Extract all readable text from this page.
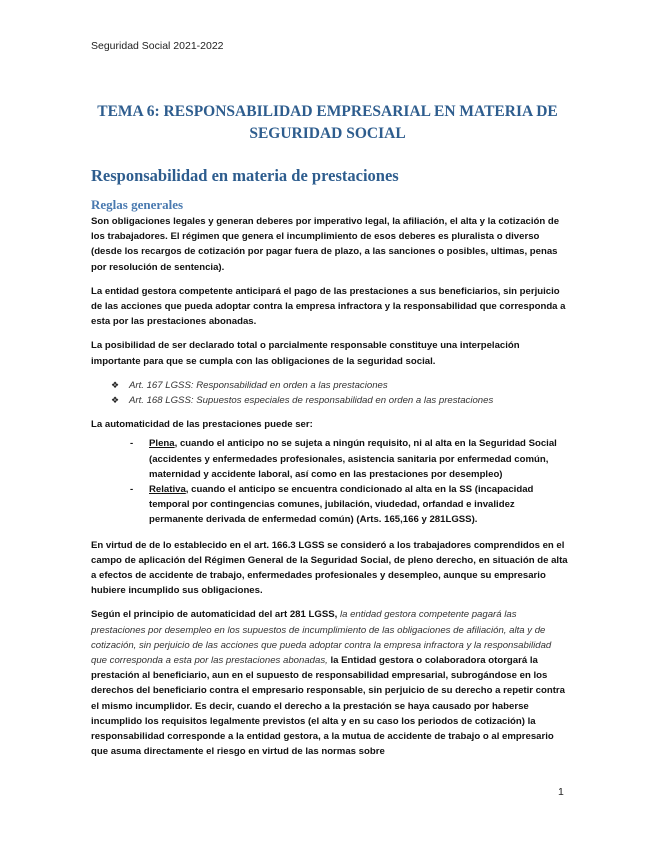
Seguridad Social 2021-2022
TEMA 6: RESPONSABILIDAD EMPRESARIAL EN MATERIA DE
SEGURIDAD SOCIAL
Responsabilidad en materia de prestaciones
Reglas generales

Son obligaciones legales y generan deberes por imperativo legal, la afiliación, el alta y la cotización de los trabajadores. El régimen que genera el incumplimiento de esos deberes es pluralista o diverso (desde los recargos de cotización por pagar fuera de plazo, a las sanciones o posibles, ultimas, penas por resolución de sentencia).

La entidad gestora competente anticipará el pago de las prestaciones a sus beneficiarios, sin perjuicio de las acciones que pueda adoptar contra la empresa infractora y la responsabilidad que corresponda a esta por las prestaciones abonadas.

La posibilidad de ser declarado total o parcialmente responsable constituye una interpelación importante para que se cumpla con las obligaciones de la seguridad social.

❖ Art. 167 LGSS: Responsabilidad en orden a las prestaciones
❖ Art. 168 LGSS: Supuestos especiales de responsabilidad en orden a las prestaciones

La automaticidad de las prestaciones puede ser:

- Plena, cuando el anticipo no se sujeta a ningún requisito, ni al alta en la Seguridad Social (accidentes y enfermedades profesionales, asistencia sanitaria por enfermedad común, maternidad y accidente laboral, así como en las prestaciones por desempleo)
- Relativa, cuando el anticipo se encuentra condicionado al alta en la SS (incapacidad temporal por contingencias comunes, jubilación, viudedad, orfandad e invalidez permanente derivada de enfermedad común) (Arts. 165,166 y 281LGSS).

En virtud de de lo establecido en el art. 166.3 LGSS se consideró a los trabajadores comprendidos en el campo de aplicación del Régimen General de la Seguridad Social, de pleno derecho, en situación de alta a efectos de accidente de trabajo, enfermedades profesionales y desempleo, aunque su empresario hubiere incumplido sus obligaciones.

Según el principio de automaticidad del art 281 LGSS, la entidad gestora competente pagará las prestaciones por desempleo en los supuestos de incumplimiento de las obligaciones de afiliación, alta y de cotización, sin perjuicio de las acciones que pueda adoptar contra la empresa infractora y la responsabilidad que corresponda a esta por las prestaciones abonadas, la Entidad gestora o colaboradora otorgará la prestación al beneficiario, aun en el supuesto de responsabilidad empresarial, subrogándose en los derechos del beneficiario contra el empresario responsable, sin perjuicio de su derecho a repetir contra el mismo incumplidor. Es decir, cuando el derecho a la prestación se haya causado por haberse incumplido los requisitos legalmente previstos (el alta y en su caso los periodos de cotización) la responsabilidad corresponde a la entidad gestora, a la mutua de accidente de trabajo o al empresario que asuma directamente el riesgo en virtud de las normas sobre

1
